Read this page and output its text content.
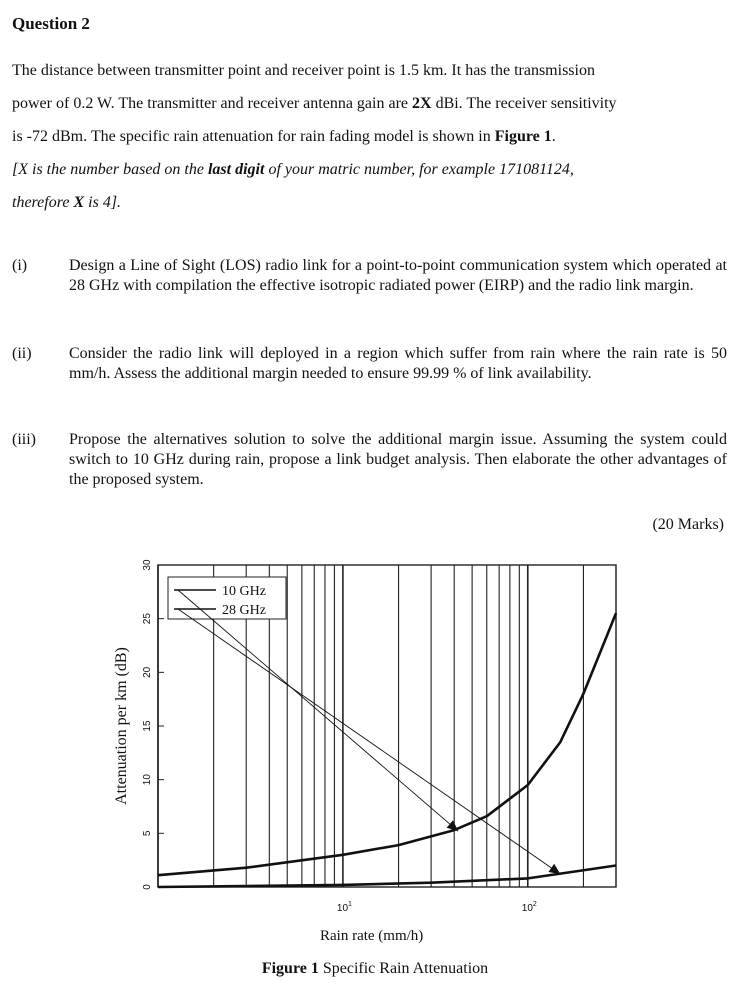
Question 2

The distance between transmitter point and receiver point is 1.5 km. It has the transmission

power of 0.2 W. The transmitter and receiver antenna gain are 2X dBi. The receiver sensitivity

is -72 dBm. The specific rain attenuation for rain fading model is shown in Figure 1.

[X is the number based on the last digit of your matric number, for example 171081124,

therefore X is 4].

(i)	Design a Line of Sight (LOS) radio link for a point-to-point communication system which operated at 28 GHz with compilation the effective isotropic radiated power (EIRP) and the radio link margin.
(ii) Consider the radio link will deployed in a region which suffer from rain where the rain rate is 50 mm/h. Assess the additional margin needed to ensure 99.99 % of link availability.
(iii) Propose the alternatives solution to solve the additional margin issue. Assuming the system could switch to 10 GHz during rain, propose a link budget analysis. Then elaborate the other advantages of the proposed system.
(20 Marks)
0
5
10
15
20
25
30
$10^1$	$10^2$
Attenuation per km (dB)
10 GHz
28 GHz
Rain rate (mm/h)
Figure 1 Specific Rain Attenuation
